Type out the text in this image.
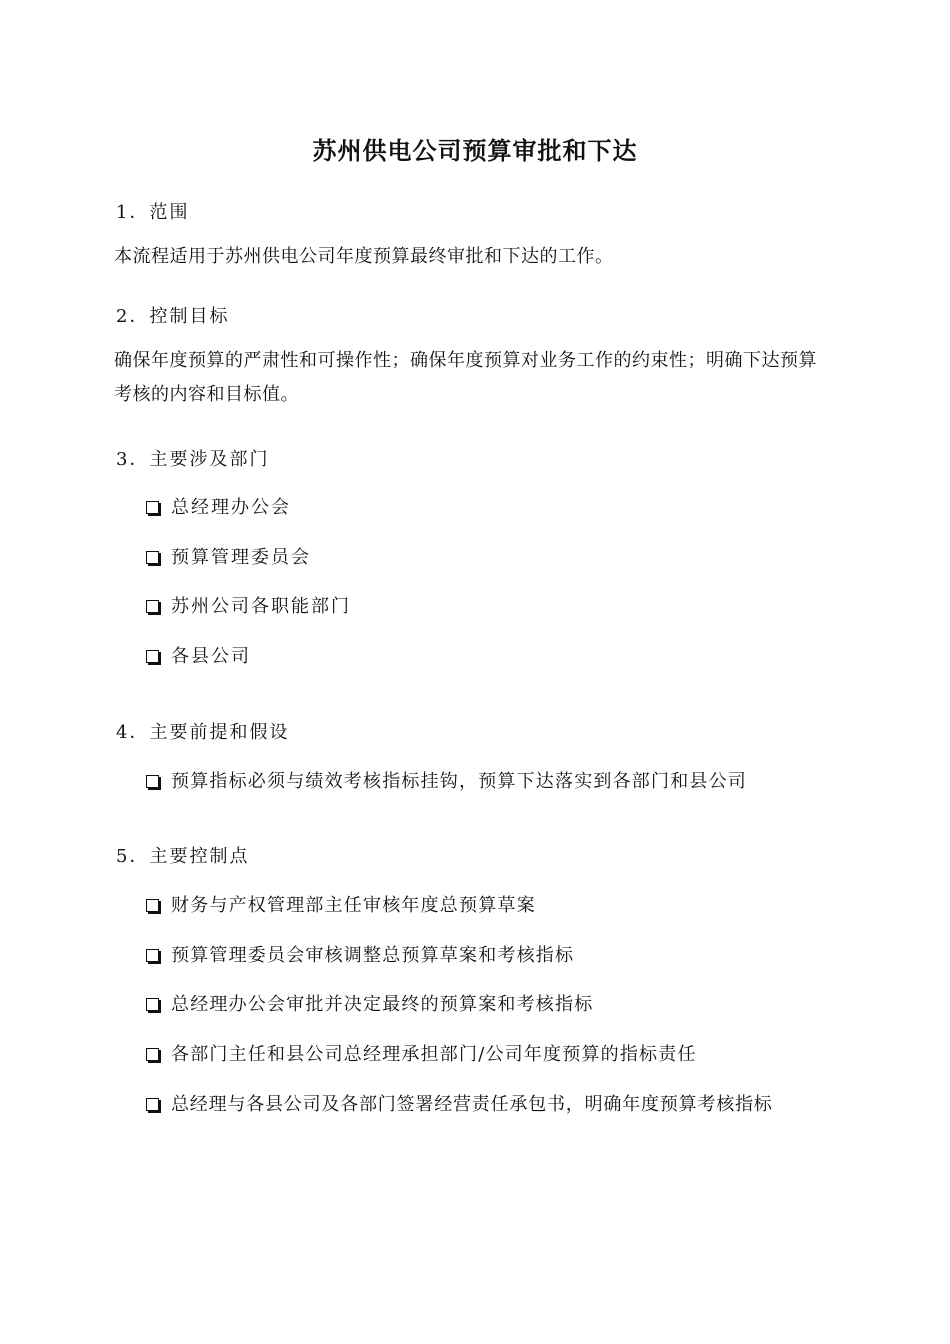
苏州供电公司预算审批和下达
1．范围
本流程适用于苏州供电公司年度预算最终审批和下达的工作。
2．控制目标
确保年度预算的严肃性和可操作性；确保年度预算对业务工作的约束性；明确下达预算考核的内容和目标值。
3．主要涉及部门
总经理办公会
预算管理委员会
苏州公司各职能部门
各县公司
4．主要前提和假设
预算指标必须与绩效考核指标挂钩，预算下达落实到各部门和县公司
5．主要控制点
财务与产权管理部主任审核年度总预算草案
预算管理委员会审核调整总预算草案和考核指标
总经理办公会审批并决定最终的预算案和考核指标
各部门主任和县公司总经理承担部门/公司年度预算的指标责任
总经理与各县公司及各部门签署经营责任承包书，明确年度预算考核指标
